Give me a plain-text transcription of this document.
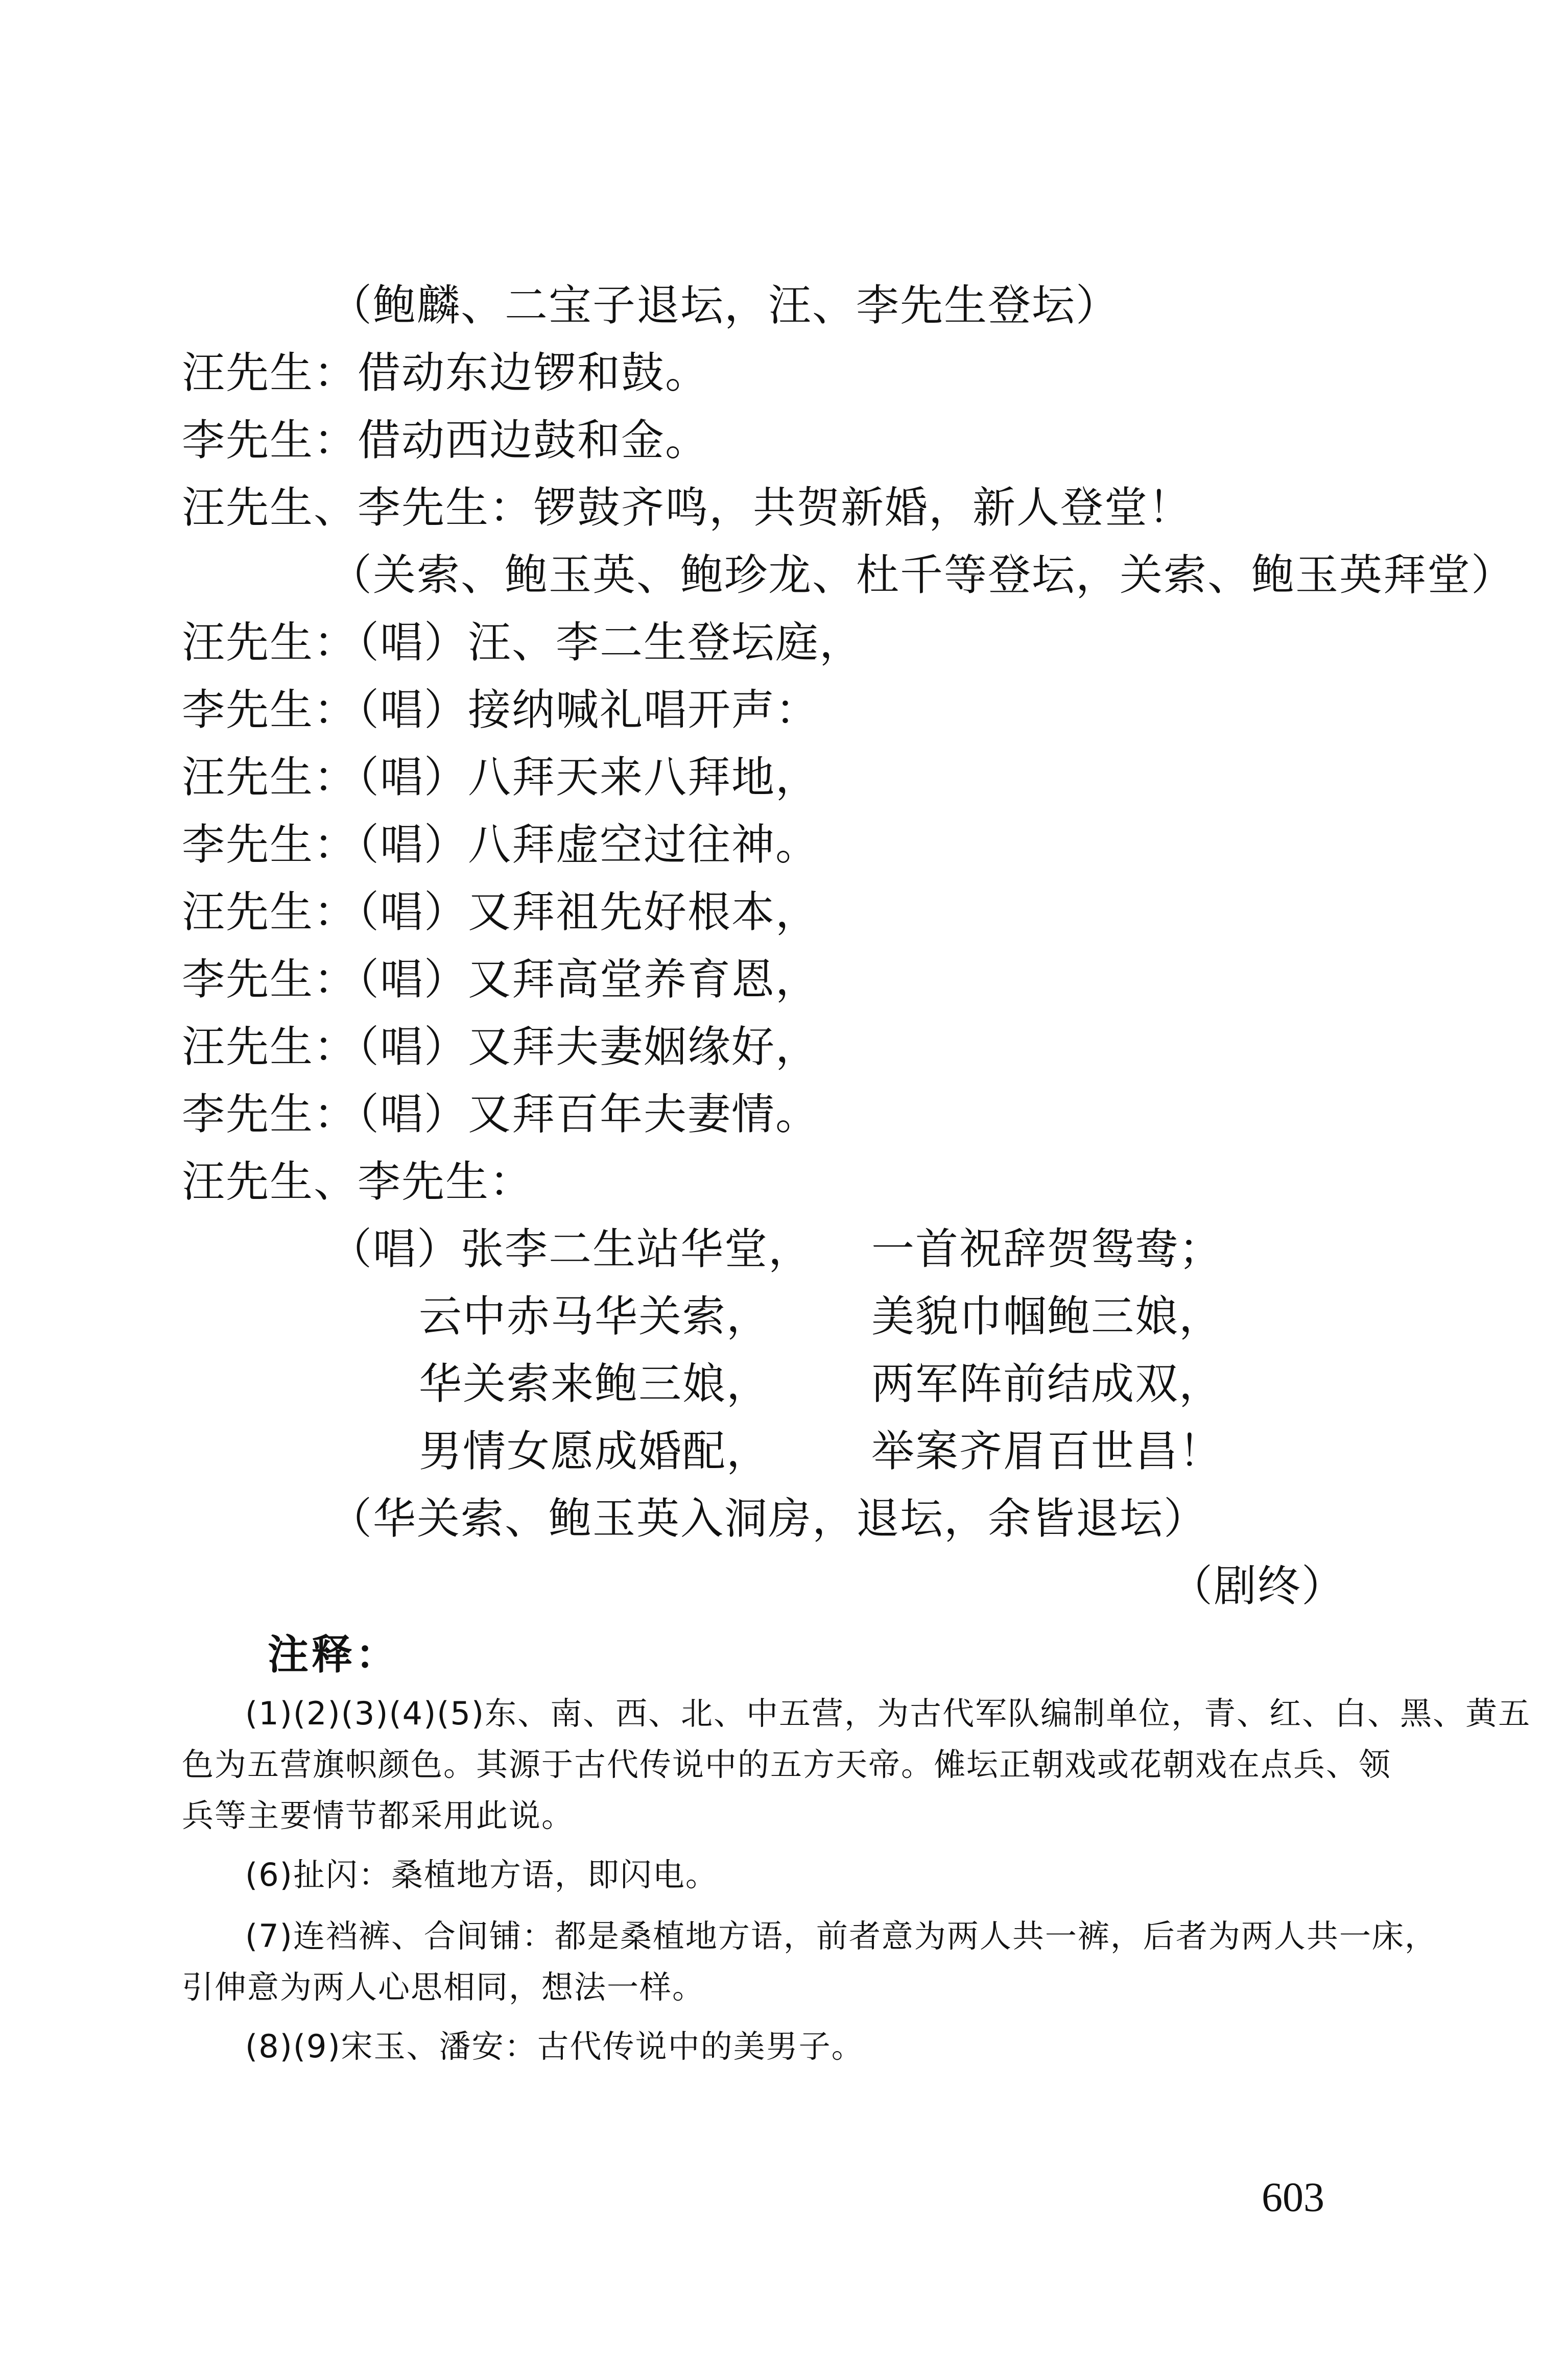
（鲍麟、二宝子退坛，汪、李先生登坛）
汪先生：借动东边锣和鼓。
李先生：借动西边鼓和金。
汪先生、李先生：锣鼓齐鸣，共贺新婚，新人登堂！
（关索、鲍玉英、鲍珍龙、杜千等登坛，关索、鲍玉英拜堂）
汪先生：（唱）汪、李二生登坛庭，
李先生：（唱）接纳喊礼唱开声：
汪先生：（唱）八拜天来八拜地，
李先生：（唱）八拜虚空过往神。
汪先生：（唱）又拜祖先好根本，
李先生：（唱）又拜高堂养育恩，
汪先生：（唱）又拜夫妻姻缘好，
李先生：（唱）又拜百年夫妻情。
汪先生、李先生：
（唱）张李二生站华堂， 一首祝辞贺鸳鸯；
云中赤马华关索， 美貌巾帼鲍三娘，
华关索来鲍三娘， 两军阵前结成双，
男情女愿成婚配， 举案齐眉百世昌！
（华关索、鲍玉英入洞房，退坛，余皆退坛）
（剧终）
注释：
(1)(2)(3)(4)(5)东、南、西、北、中五营，为古代军队编制单位，青、红、白、黑、黄五
色为五营旗帜颜色。其源于古代传说中的五方天帝。傩坛正朝戏或花朝戏在点兵、领
兵等主要情节都采用此说。
(6)扯闪：桑植地方语，即闪电。
(7)连裆裤、合间铺：都是桑植地方语，前者意为两人共一裤，后者为两人共一床，
引伸意为两人心思相同，想法一样。
(8)(9)宋玉、潘安：古代传说中的美男子。
603
